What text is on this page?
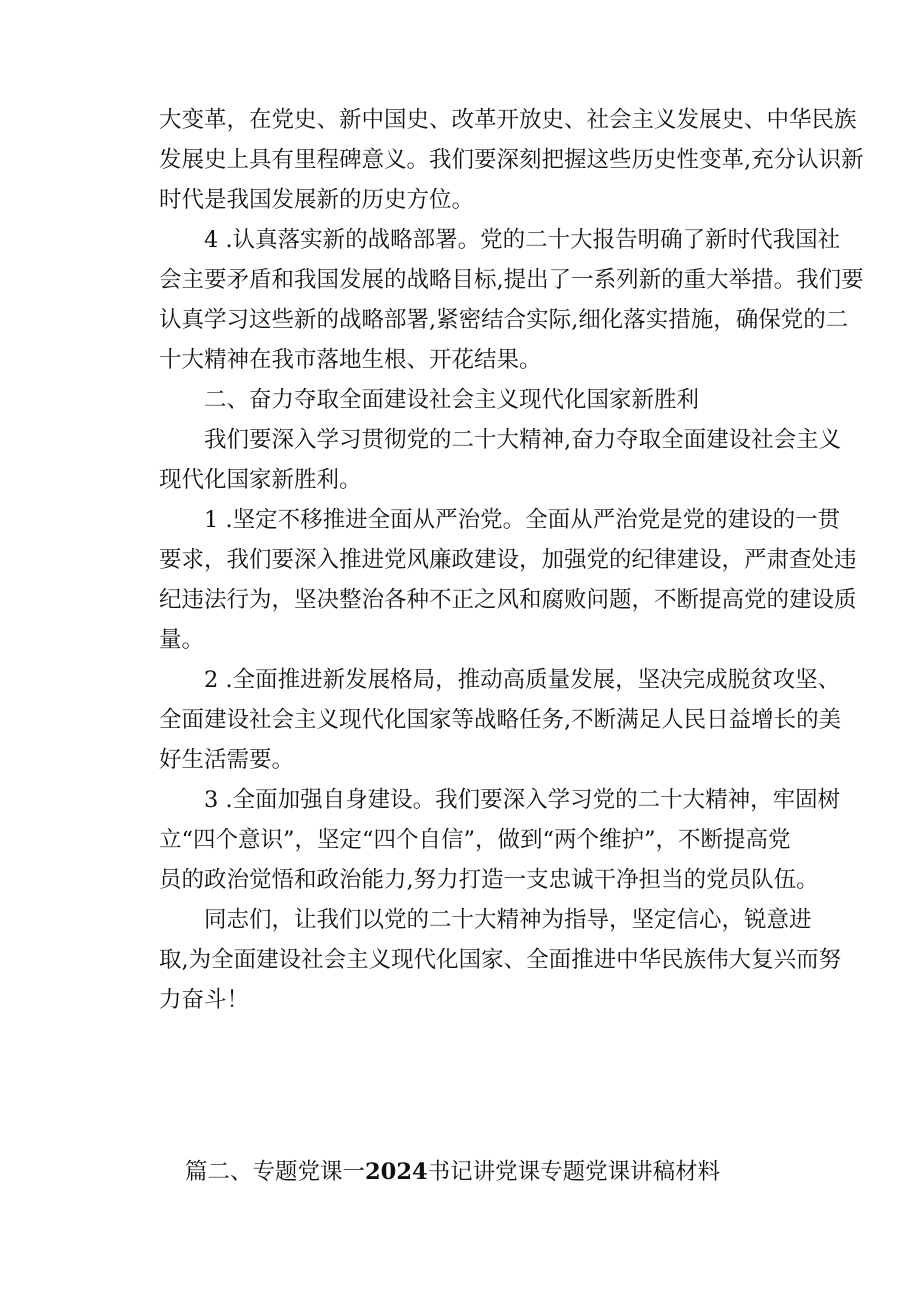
大变革，在党史、新中国史、改革开放史、社会主义发展史、中华民族
发展史上具有里程碑意义。我们要深刻把握这些历史性变革,充分认识新
时代是我国发展新的历史方位。
4 .认真落实新的战略部署。党的二十大报告明确了新时代我国社
会主要矛盾和我国发展的战略目标,提出了一系列新的重大举措。我们要
认真学习这些新的战略部署,紧密结合实际,细化落实措施，确保党的二
十大精神在我市落地生根、开花结果。
二、奋力夺取全面建设社会主义现代化国家新胜利
我们要深入学习贯彻党的二十大精神,奋力夺取全面建设社会主义
现代化国家新胜利。
1 .坚定不移推进全面从严治党。全面从严治党是党的建设的一贯
要求，我们要深入推进党风廉政建设，加强党的纪律建设，严肃查处违
纪违法行为，坚决整治各种不正之风和腐败问题，不断提高党的建设质
量。
2 .全面推进新发展格局，推动高质量发展，坚决完成脱贫攻坚、
全面建设社会主义现代化国家等战略任务,不断满足人民日益增长的美
好生活需要。
3 .全面加强自身建设。我们要深入学习党的二十大精神，牢固树
立“四个意识”，坚定“四个自信”，做到“两个维护”，不断提高党
员的政治觉悟和政治能力,努力打造一支忠诚干净担当的党员队伍。
同志们，让我们以党的二十大精神为指导，坚定信心，锐意进
取,为全面建设社会主义现代化国家、全面推进中华民族伟大复兴而努
力奋斗！
篇二、专题党课一2024书记讲党课专题党课讲稿材料
